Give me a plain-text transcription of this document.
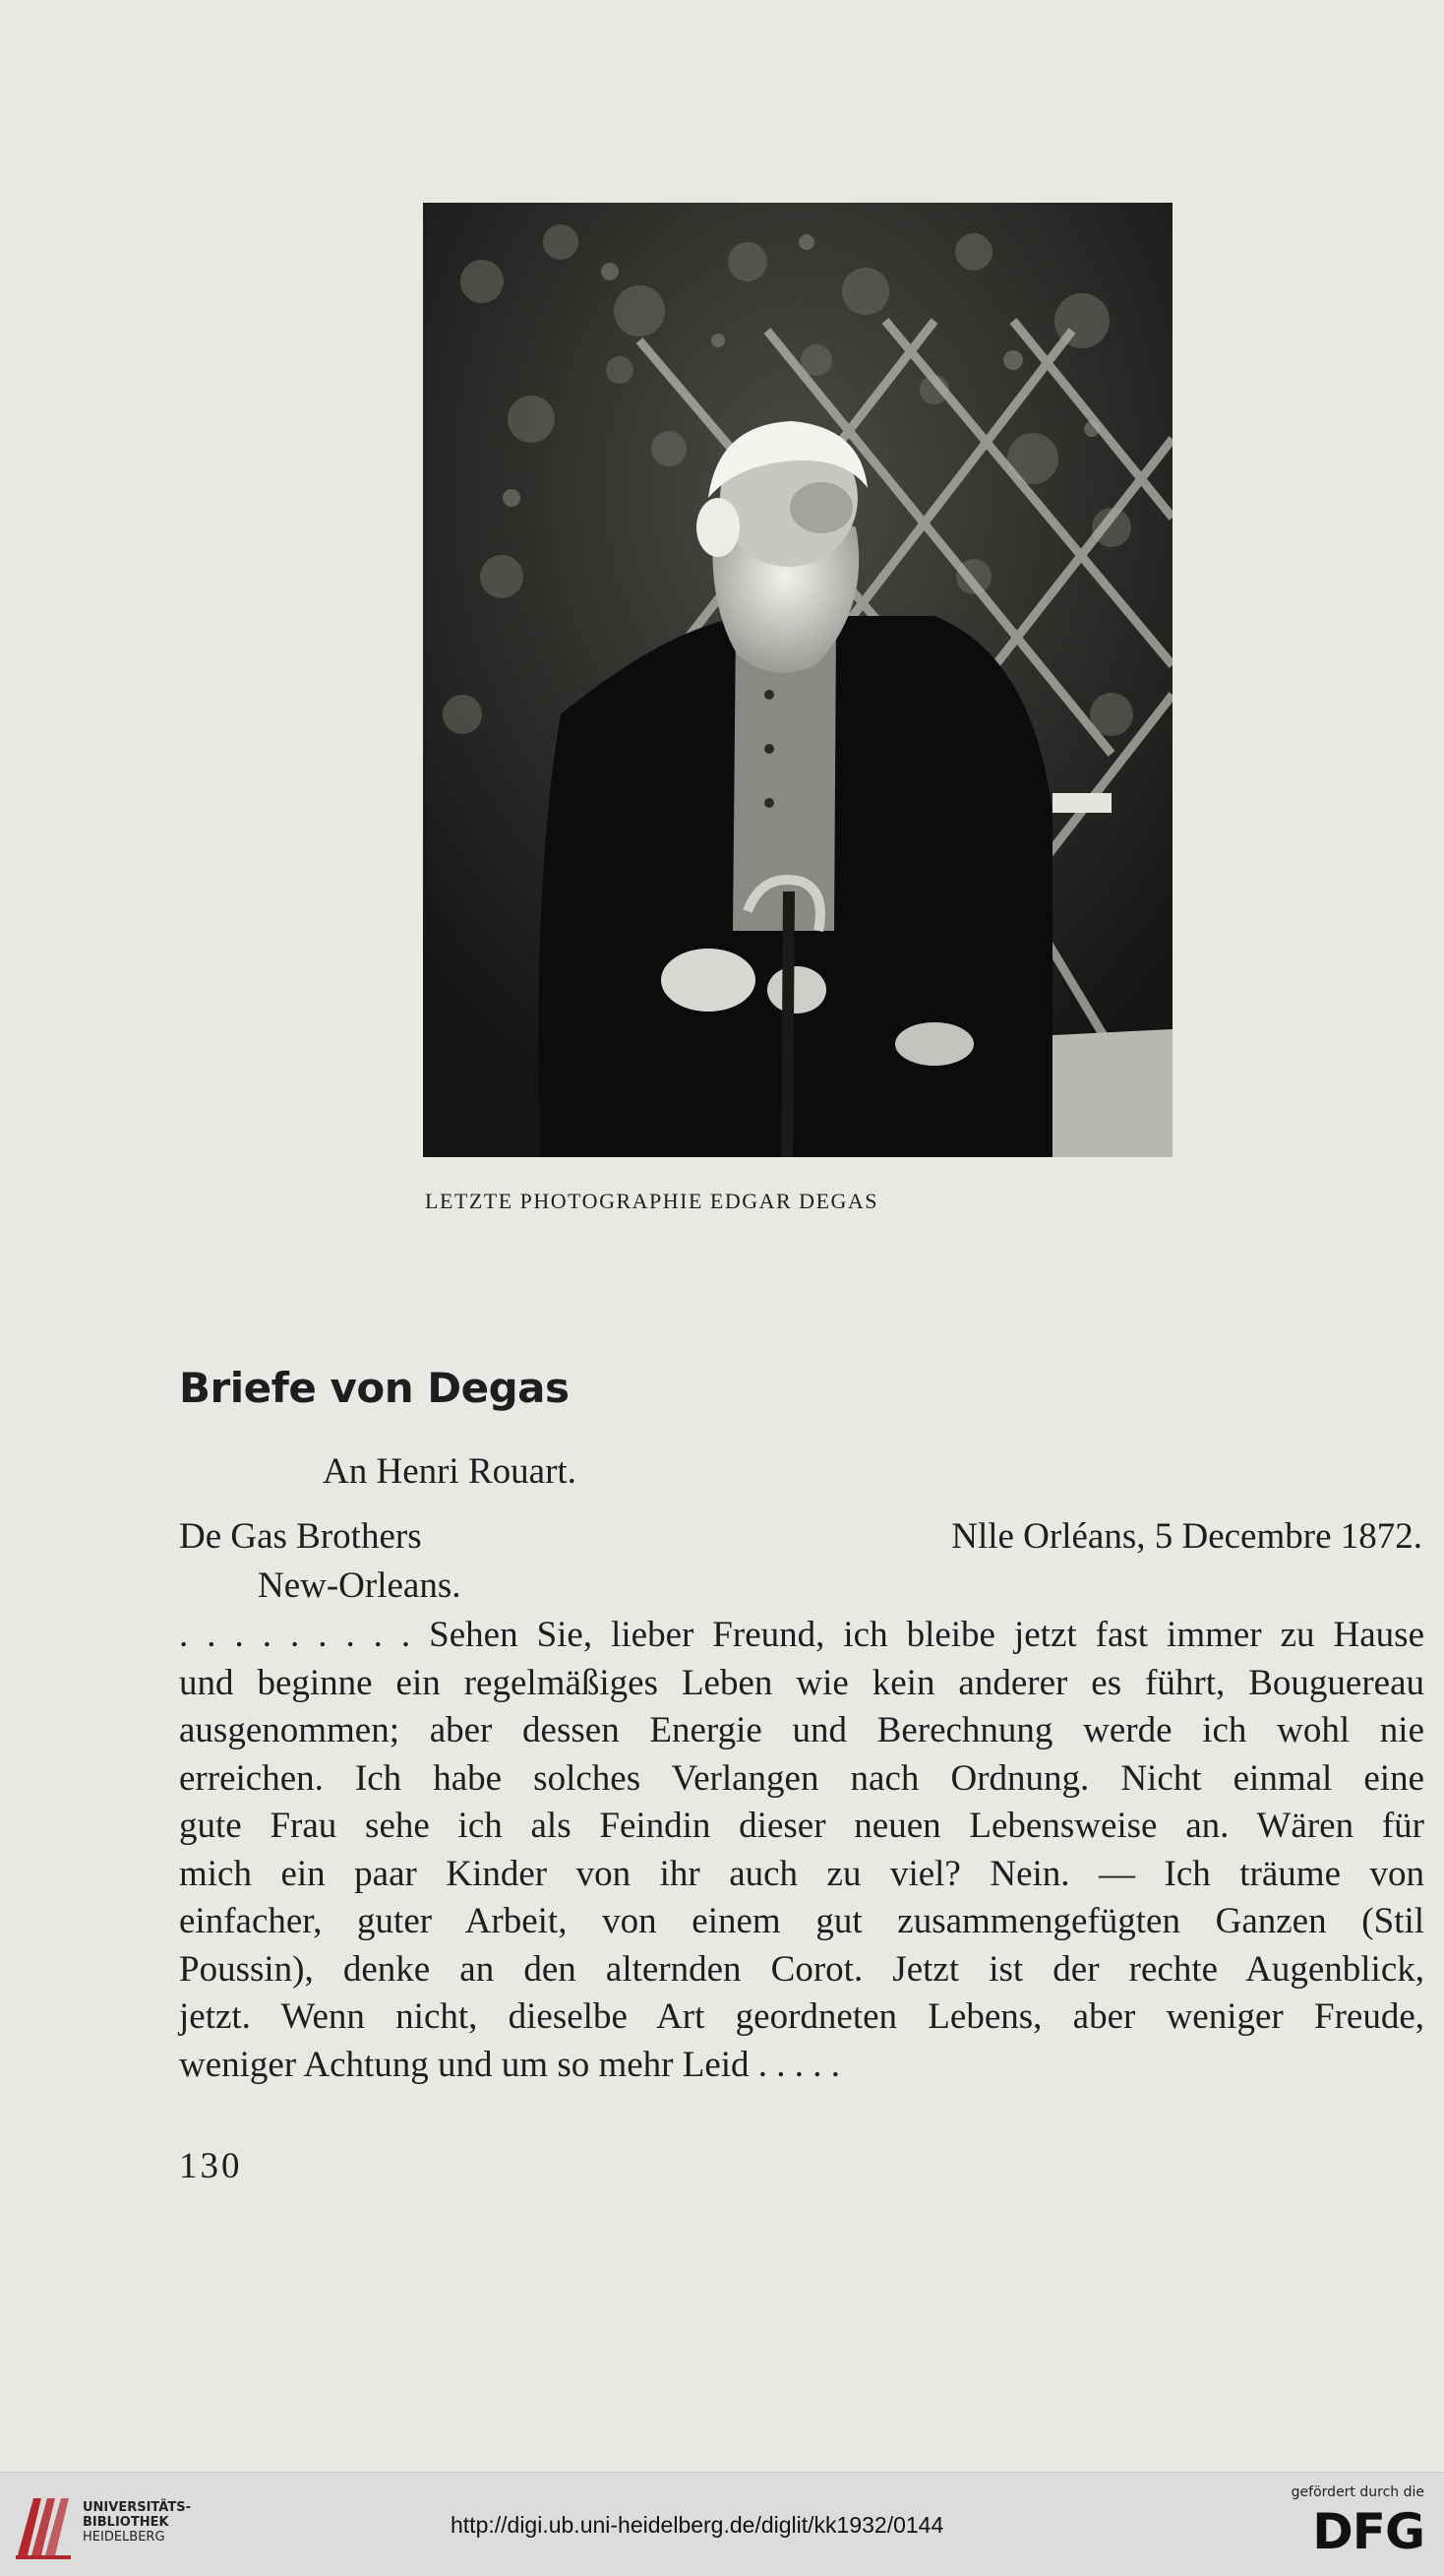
LETZTE PHOTOGRAPHIE EDGAR DEGAS
Briefe von Degas
An Henri Rouart.
De Gas Brothers	Nlle Orléans, 5 Decembre 1872.
New-Orleans.
. . . . . . . . . Sehen Sie, lieber Freund, ich bleibe jetzt fast immer zu Hause
und beginne ein regelmäßiges Leben wie kein anderer es führt, Bouguereau
ausgenommen; aber dessen Energie und Berechnung werde ich wohl nie
erreichen. Ich habe solches Verlangen nach Ordnung. Nicht einmal eine
gute Frau sehe ich als Feindin dieser neuen Lebensweise an. Wären für
mich ein paar Kinder von ihr auch zu viel? Nein. — Ich träume von
einfacher, guter Arbeit, von einem gut zusammengefügten Ganzen (Stil
Poussin), denke an den alternden Corot. Jetzt ist der rechte Augenblick,
jetzt. Wenn nicht, dieselbe Art geordneten Lebens, aber weniger Freude,
weniger Achtung und um so mehr Leid . . . . .
130
UNIVERSITÄTS-
BIBLIOTHEK
HEIDELBERG	http://digi.ub.uni-heidelberg.de/diglit/kk1932/0144
gefördert durch die
DFG
